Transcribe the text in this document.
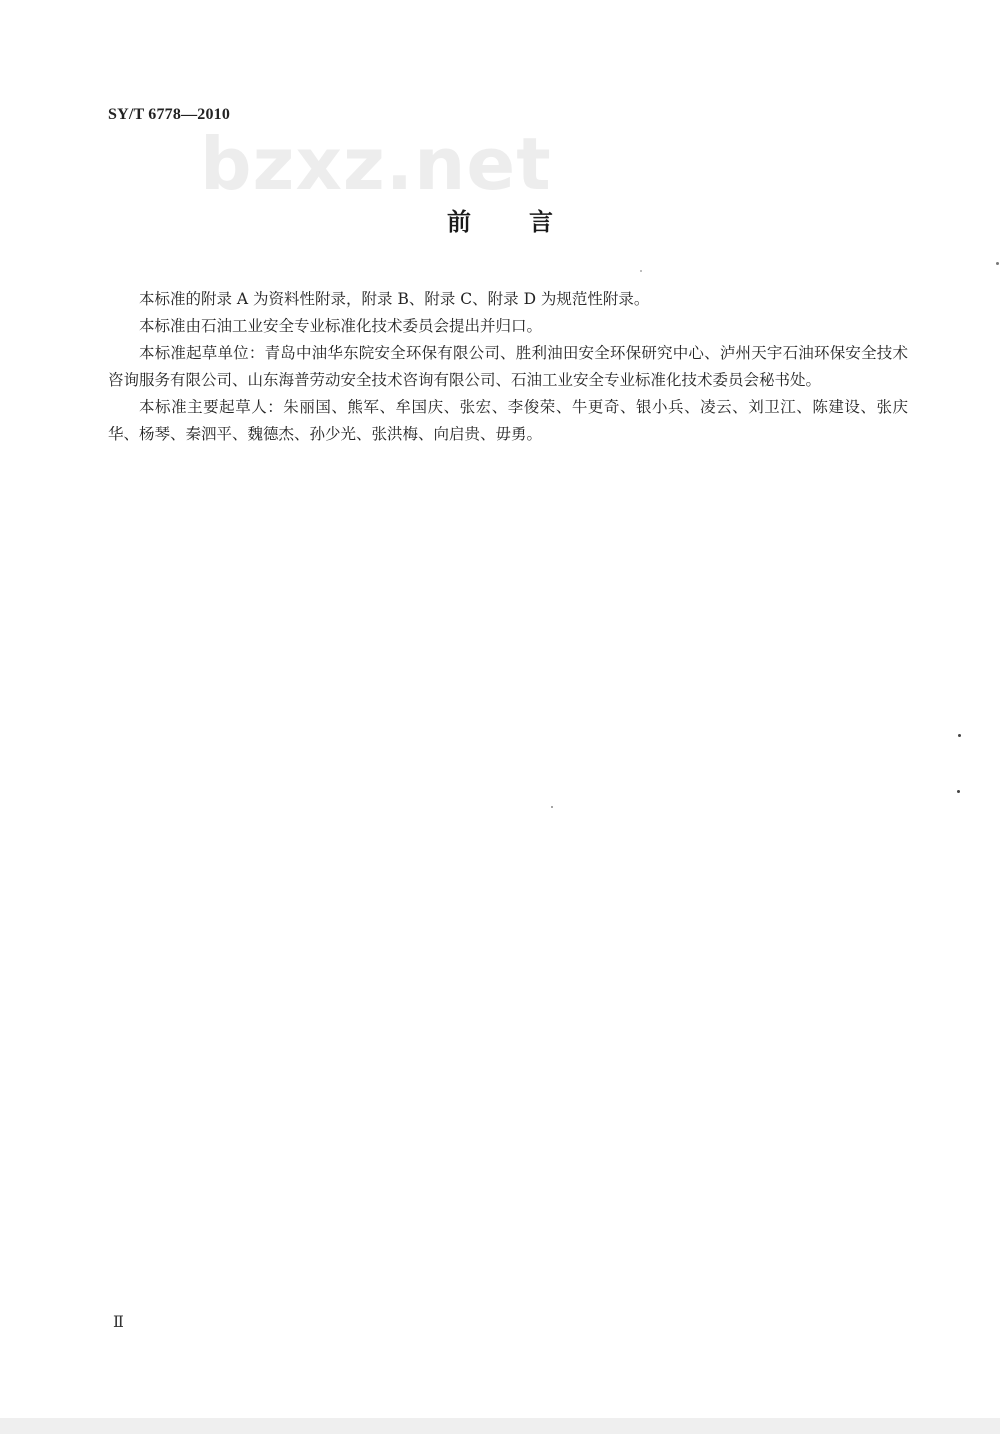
SY/T 6778—2010
bzxz.net
前 言

本标准的附录 A 为资料性附录，附录 B、附录 C、附录 D 为规范性附录。

本标准由石油工业安全专业标准化技术委员会提出并归口。

本标准起草单位：青岛中油华东院安全环保有限公司、胜利油田安全环保研究中心、泸州天宇石油环保安全技术咨询服务有限公司、山东海普劳动安全技术咨询有限公司、石油工业安全专业标准化技术委员会秘书处。

本标准主要起草人：朱丽国、熊军、牟国庆、张宏、李俊荣、牛更奇、银小兵、凌云、刘卫江、陈建设、张庆华、杨琴、秦泗平、魏德杰、孙少光、张洪梅、向启贵、毋勇。

Ⅱ
